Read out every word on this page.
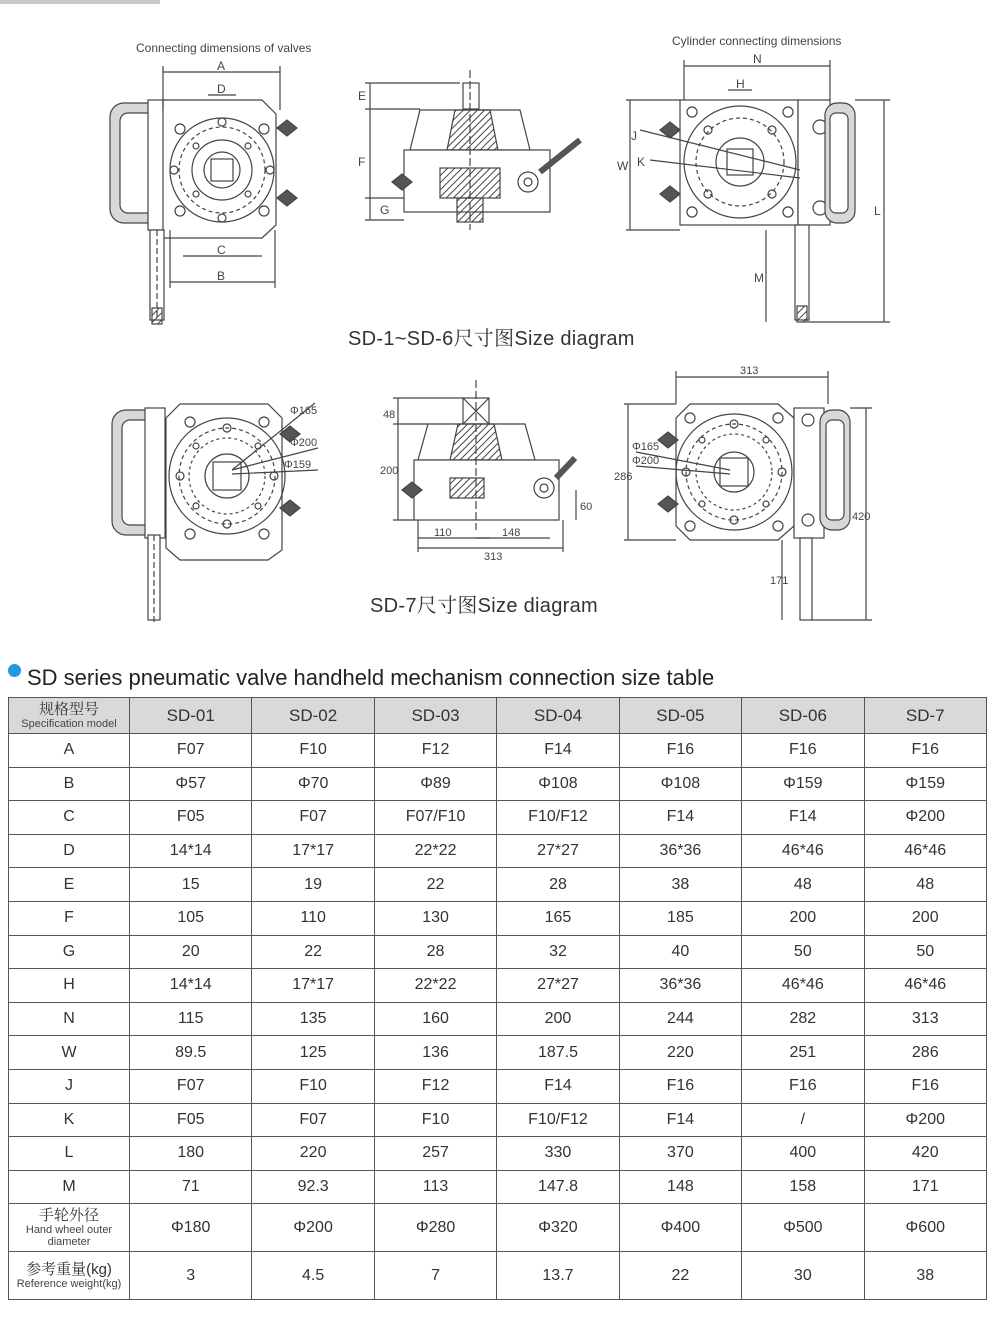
Connecting dimensions of valves	Cylinder connecting dimensions
A
D
C
B
E
F
G
N
H
J
K
W
L
M
Φ165
Φ200
Φ159
48
200
60
110	148
313
313
Φ165
Φ200
286
420
171
SD-1~SD-6尺寸图Size diagram
SD-7尺寸图Size diagram
SD series pneumatic valve handheld mechanism connection size table
规格型号
Specification model	SD-01	SD-02	SD-03	SD-04	SD-05	SD-06	SD-7
A	F07	F10	F12	F14	F16	F16	F16
B	Φ57	Φ70	Φ89	Φ108	Φ108	Φ159	Φ159
C	F05	F07	F07/F10	F10/F12	F14	F14	Φ200
D	14*14	17*17	22*22	27*27	36*36	46*46	46*46
E	15	19	22	28	38	48	48
F	105	110	130	165	185	200	200
G	20	22	28	32	40	50	50
H	14*14	17*17	22*22	27*27	36*36	46*46	46*46
N	115	135	160	200	244	282	313
W	89.5	125	136	187.5	220	251	286
J	F07	F10	F12	F14	F16	F16	F16
K	F05	F07	F10	F10/F12	F14	/	Φ200
L	180	220	257	330	370	400	420
M	71	92.3	113	147.8	148	158	171

手轮外径
Hand wheel outer diameter	Φ180	Φ200	Φ280	Φ320	Φ400	Φ500	Φ600

参考重量(kg)
Reference weight(kg)	3	4.5	7	13.7	22	30	38
